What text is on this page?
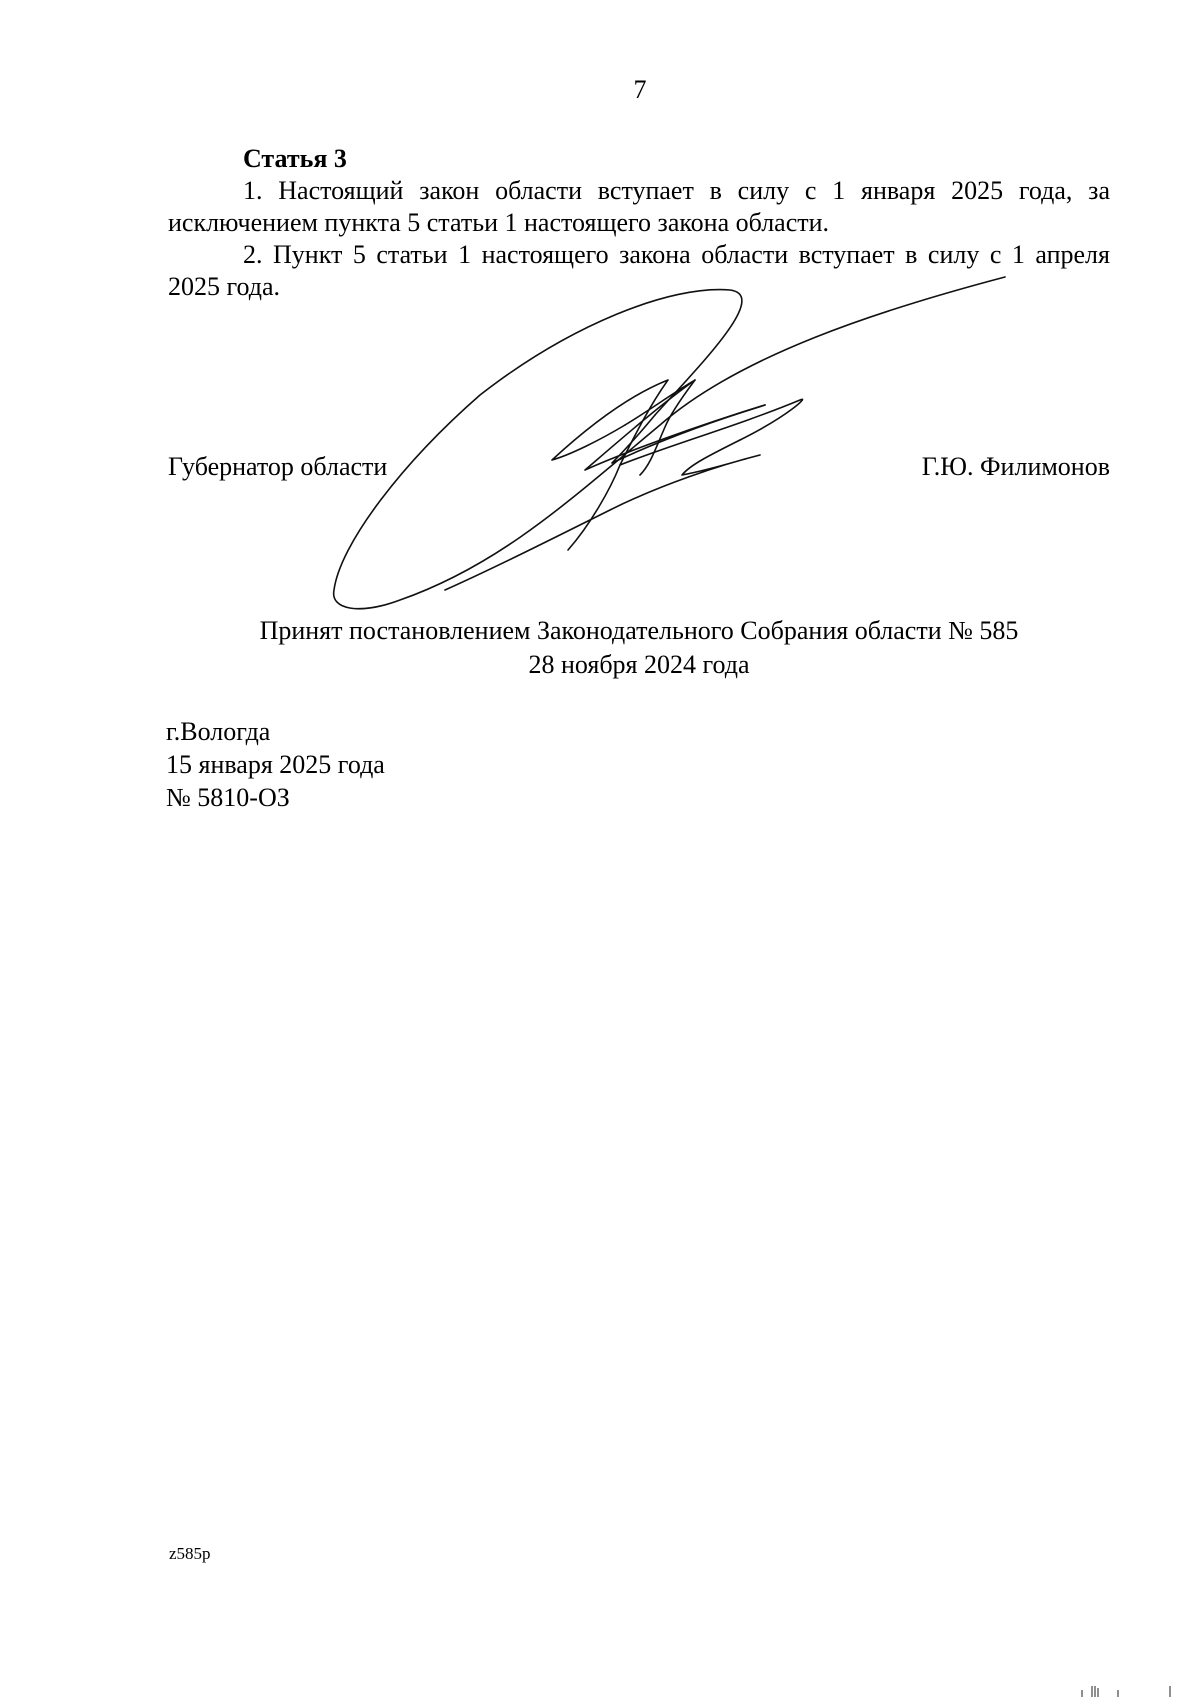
7

Статья 3

1. Настоящий закон области вступает в силу с 1 января 2025 года, за исключением пункта 5 статьи 1 настоящего закона области.

2. Пункт 5 статьи 1 настоящего закона области вступает в силу с 1 апреля 2025 года.

Губернатор области	Г.Ю. Филимонов
Принят постановлением Законодательного Собрания области № 585
28 ноября 2024 года
г.Вологда
15 января 2025 года
№ 5810-ОЗ
z585p
